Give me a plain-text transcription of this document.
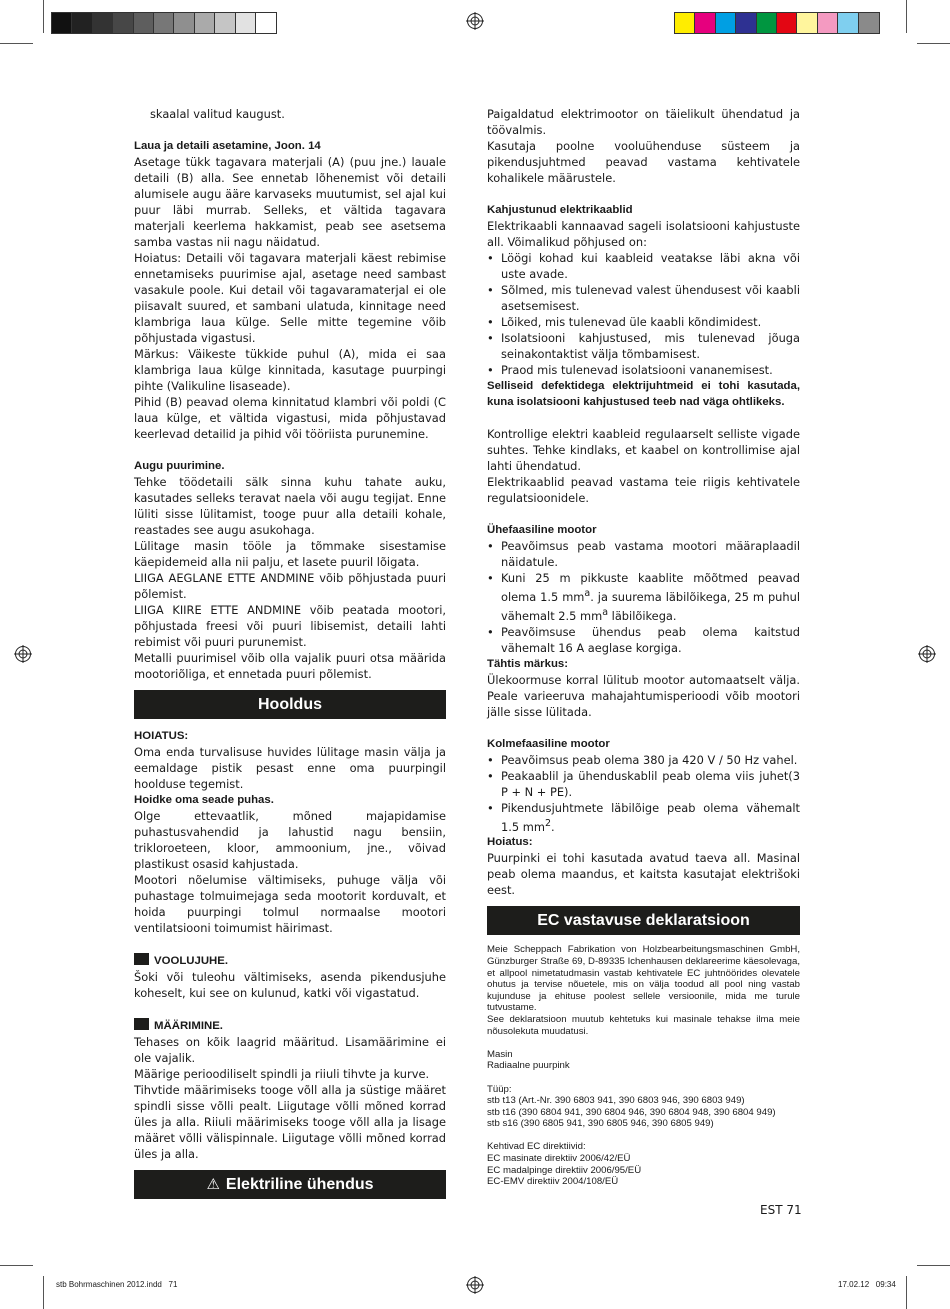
skaalal valitud kaugust.

Laua ja detaili asetamine, Joon. 14

Asetage tükk tagavara materjali (A) (puu jne.) lauale detaili (B) alla. See ennetab lõhenemist või detaili alumisele augu ääre karvaseks muutumist, sel ajal kui puur läbi murrab. Selleks, et vältida tagavara materjali keerlema hakkamist, peab see asetsema samba vastas nii nagu näidatud.

Hoiatus: Detaili või tagavara materjali käest rebimise ennetamiseks puurimise ajal, asetage need sambast vasakule poole. Kui detail või tagavaramaterjal ei ole piisavalt suured, et sambani ulatuda, kinnitage need klambriga laua külge. Selle mitte tegemine võib põhjustada vigastusi.

Märkus: Väikeste tükkide puhul (A), mida ei saa klambriga laua külge kinnitada, kasutage puurpingi pihte (Valikuline lisaseade).

Pihid (B) peavad olema kinnitatud klambri või poldi (C laua külge, et vältida vigastusi, mida põhjustavad keerlevad detailid ja pihid või tööriista purunemine.

Augu puurimine.

Tehke töödetaili sälk sinna kuhu tahate auku, kasutades selleks teravat naela või augu tegijat. Enne lüliti sisse lülitamist, tooge puur alla detaili kohale, reastades see augu asukohaga.

Lülitage masin tööle ja tõmmake sisestamise käepidemeid alla nii palju, et lasete puuril lõigata.

LIIGA AEGLANE ETTE ANDMINE võib põhjustada puuri põlemist.

LIIGA KIIRE ETTE ANDMINE võib peatada mootori, põhjustada freesi või puuri libisemist, detaili lahti rebimist või puuri purunemist.

Metalli puurimisel võib olla vajalik puuri otsa määrida mootoriõliga, et ennetada puuri põlemist.

Hooldus
HOIATUS:

Oma enda turvalisuse huvides lülitage masin välja ja eemaldage pistik pesast enne oma puurpingil hoolduse tegemist.

Hoidke oma seade puhas.

Olge ettevaatlik, mõned majapidamise puhastusvahendid ja lahustid nagu bensiin, trikloroeteen, kloor, ammoonium, jne., võivad plastikust osasid kahjustada.

Mootori nõelumise vältimiseks, puhuge välja või puhastage tolmuimejaga seda mootorit korduvalt, et hoida puurpingi tolmul normaalse mootori ventilatsiooni toimumist häirimast.

VOOLUJUHE.

Šoki või tuleohu vältimiseks, asenda pikendusjuhe koheselt, kui see on kulunud, katki või vigastatud.

MÄÄRIMINE.

Tehases on kõik laagrid määritud. Lisamäärimine ei ole vajalik.

Määrige perioodiliselt spindli ja riiuli tihvte ja kurve.

Tihvtide määrimiseks tooge võll alla ja süstige määret spindli sisse võlli pealt. Liigutage võlli mõned korrad üles ja alla. Riiuli määrimiseks tooge võll alla ja lisage määret võlli välispinnale. Liigutage võlli mõned korrad üles ja alla.

⚠ Elektriline ühendus

Paigaldatud elektrimootor on täielikult ühendatud ja töövalmis.

Kasutaja poolne vooluühenduse süsteem ja pikendusjuhtmed peavad vastama kehtivatele kohalikele määrustele.

Kahjustunud elektrikaablid

Elektrikaabli kannaavad sageli isolatsiooni kahjustuste all. Võimalikud põhjused on:

• Löögi kohad kui kaableid veatakse läbi akna või uste avade.
• Sõlmed, mis tulenevad valest ühendusest või kaabli asetsemisest.
• Lõiked, mis tulenevad üle kaabli kõndimidest.
• Isolatsiooni kahjustused, mis tulenevad jõuga seinakontaktist välja tõmbamisest.
• Praod mis tulenevad isolatsiooni vananemisest.

Selliseid defektidega elektrijuhtmeid ei tohi kasutada, kuna isolatsiooni kahjustused teeb nad väga ohtlikeks.

Kontrollige elektri kaableid regulaarselt selliste vigade suhtes. Tehke kindlaks, et kaabel on kontrollimise ajal lahti ühendatud.

Elektrikaablid peavad vastama teie riigis kehtivatele regulatsioonidele.

Ühefaasiline mootor
• Peavõimsus peab vastama mootori määraplaadil näidatule.
• Kuni 25 m pikkuste kaablite mõõtmed peavad olema 1.5 $mm^a$. ja suurema läbilõikega, 25 m puhul vähemalt 2.5 $mm^a$ läbilõikega.
• Peavõimsuse ühendus peab olema kaitstud vähemalt 16 A aeglase korgiga.
Tähtis märkus:

Ülekoormuse korral lülitub mootor automaatselt välja. Peale varieeruva mahajahtumisperioodi võib mootori jälle sisse lülitada.

Kolmefaasiline mootor
• Peavõimsus peab olema 380 ja 420 V / 50 Hz vahel.
• Peakaablil ja ühenduskablil peab olema viis juhet(3 P + N + PE).
• Pikendusjuhtmete läbilõige peab olema vähemalt 1.5 $mm^2$.
Hoiatus:

Puurpinki ei tohi kasutada avatud taeva all. Masinal peab olema maandus, et kaitsta kasutajat elektrišoki eest.

EC vastavuse deklaratsioon

Meie Scheppach Fabrikation von Holzbearbeitungsmaschinen GmbH, Günzburger Straße 69, D-89335 Ichenhausen deklareerime käesolevaga, et allpool nimetatudmasin vastab kehtivatele EC juhtnöörides olevatele ohutus ja tervise nõuetele, mis on välja toodud all pool ning vastab kujunduse ja ehituse poolest sellele versioonile, mida me turule tutvustame.

See deklaratsioon muutub kehtetuks kui masinale tehakse ilma meie nõusolekuta muudatusi.

Masin

Radiaalne puurpink

Tüüp:

stb t13 (Art.-Nr. 390 6803 941, 390 6803 946, 390 6803 949)

stb t16 (390 6804 941, 390 6804 946, 390 6804 948, 390 6804 949)

stb s16 (390 6805 941, 390 6805 946, 390 6805 949)

Kehtivad EC direktiivid:

EC masinate direktiiv 2006/42/EÜ

EC madalpinge direktiiv 2006/95/EÜ

EC-EMV direktiiv 2004/108/EÜ

EST 71
stb Bohrmaschinen 2012.indd   71	17.02.12   09:34
